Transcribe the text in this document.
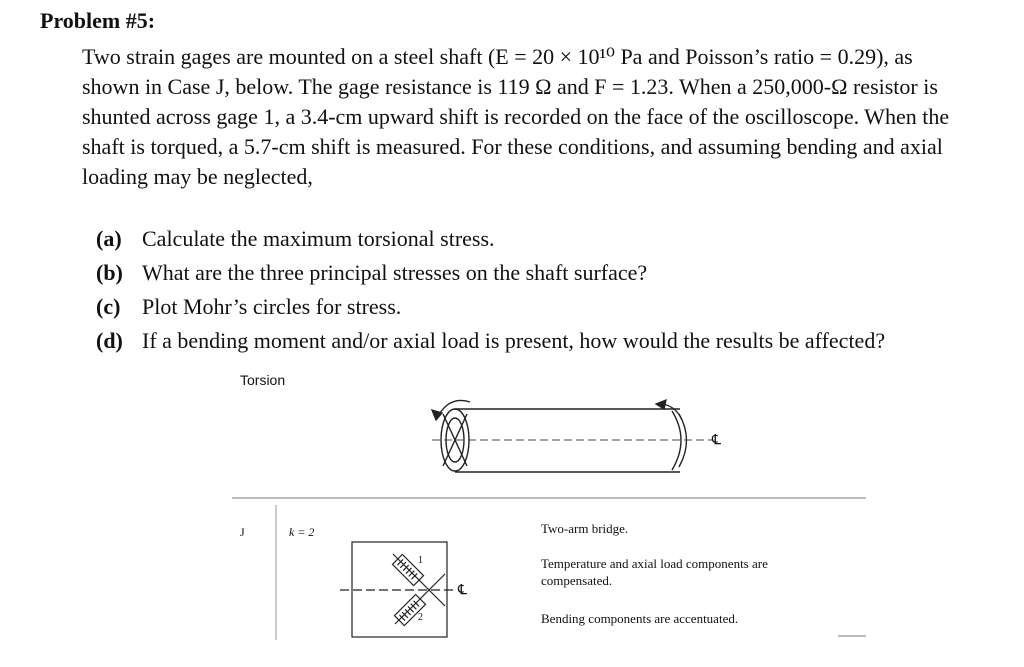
Problem #5:

Two strain gages are mounted on a steel shaft (E = 20 × 10¹⁰ Pa and Poisson’s ratio = 0.29), as shown in Case J, below. The gage resistance is 119 Ω and F = 1.23. When a 250,000-Ω resistor is shunted across gage 1, a 3.4-cm upward shift is recorded on the face of the oscilloscope. When the shaft is torqued, a 5.7-cm shift is measured. For these conditions, and assuming bending and axial loading may be neglected,

(a) Calculate the maximum torsional stress.
(b) What are the three principal stresses on the shaft surface?
(c) Plot Mohr’s circles for stress.
(d) If a bending moment and/or axial load is present, how would the results be affected?
Torsion
℄
℄
J	k = 2
1
2
Two-arm bridge.
Temperature and axial load components are compensated.
Bending components are accentuated.
